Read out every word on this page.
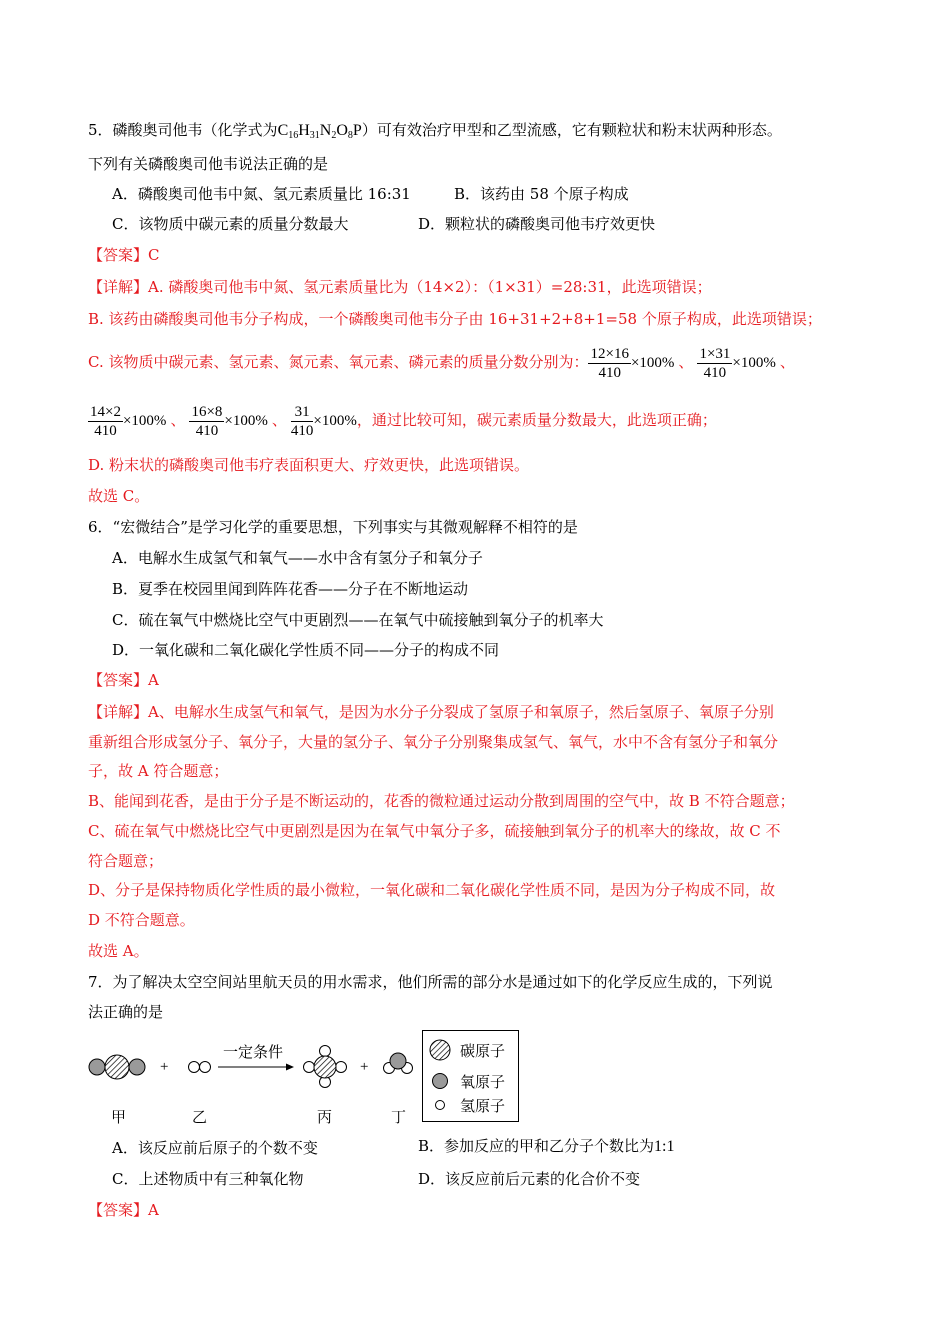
5．磷酸奥司他韦（化学式为$C_{16}H_{31}N_2O_8P$）可有效治疗甲型和乙型流感，它有颗粒状和粉末状两种形态。
下列有关磷酸奥司他韦说法正确的是
A．磷酸奥司他韦中氮、氢元素质量比 16:31	B．该药由 58 个原子构成
C．该物质中碳元素的质量分数最大	D．颗粒状的磷酸奥司他韦疗效更快
【答案】C
【详解】A. 磷酸奥司他韦中氮、氢元素质量比为（14×2）：（1×31）=28:31，此选项错误；
B. 该药由磷酸奥司他韦分子构成，一个磷酸奥司他韦分子由 16+31+2+8+1=58 个原子构成，此选项错误；
C. 该物质中碳元素、氢元素、氮元素、氧元素、磷元素的质量分数分别为： $\frac{12\times 16}{410} \times 100\%$ 、 $\frac{1\times 31}{410} \times 100\%$ 、
$\frac{14\times 2}{410} \times 100\%$ 、 $\frac{16\times 8}{410} \times 100\%$ 、 $\frac{31}{410} \times 100\%$，通过比较可知，碳元素质量分数最大，此选项正确；
D. 粉末状的磷酸奥司他韦疗表面积更大、疗效更快，此选项错误。
故选 C。
6．“宏微结合”是学习化学的重要思想，下列事实与其微观解释不相符的是
A．电解水生成氢气和氧气——水中含有氢分子和氧分子
B．夏季在校园里闻到阵阵花香——分子在不断地运动
C．硫在氧气中燃烧比空气中更剧烈——在氧气中硫接触到氧分子的机率大
D．一氧化碳和二氧化碳化学性质不同——分子的构成不同
【答案】A
【详解】A、电解水生成氢气和氧气，是因为水分子分裂成了氢原子和氧原子，然后氢原子、氧原子分别
重新组合形成氢分子、氧分子，大量的氢分子、氧分子分别聚集成氢气、氧气，水中不含有氢分子和氧分
子，故 A 符合题意；
B、能闻到花香，是由于分子是不断运动的，花香的微粒通过运动分散到周围的空气中，故 B 不符合题意；
C、硫在氧气中燃烧比空气中更剧烈是因为在氧气中氧分子多，硫接触到氧分子的机率大的缘故，故 C 不
符合题意；
D、分子是保持物质化学性质的最小微粒，一氧化碳和二氧化碳化学性质不同，是因为分子构成不同，故
D 不符合题意。
故选 A。
7．为了解决太空空间站里航天员的用水需求，他们所需的部分水是通过如下的化学反应生成的，下列说
法正确的是
+
一定条件
+
甲	乙	丙	丁
碳原子
氧原子
氢原子
A．该反应前后原子的个数不变	B．参加反应的甲和乙分子个数比为1:1
C．上述物质中有三种氧化物	D．该反应前后元素的化合价不变
【答案】A
